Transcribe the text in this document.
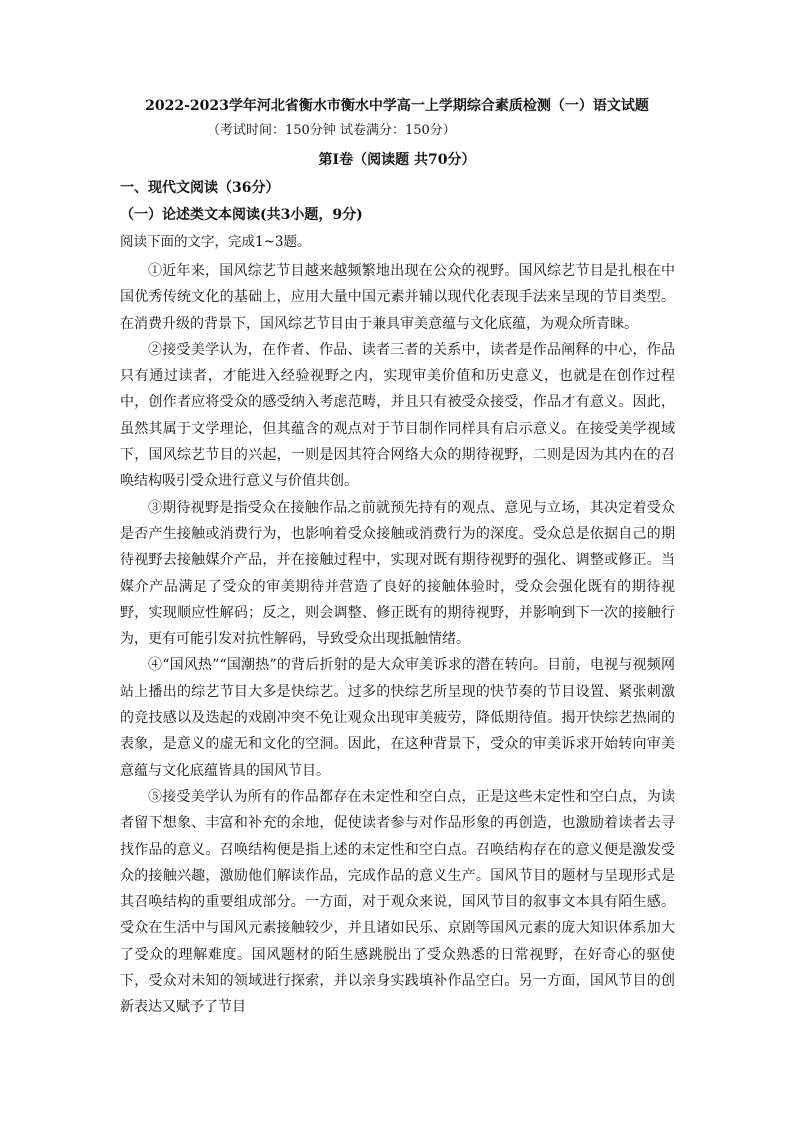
2022-2023学年河北省衡水市衡水中学高一上学期综合素质检测（一）语文试题
（考试时间：150分钟 试卷满分：150分）
第Ⅰ卷（阅读题 共70分）
一、现代文阅读（36分）
（一）论述类文本阅读(共3小题，9分)
阅读下面的文字，完成1~3题。

①近年来，国风综艺节目越来越频繁地出现在公众的视野。国风综艺节目是扎根在中国优秀传统文化的基础上，应用大量中国元素并辅以现代化表现手法来呈现的节目类型。在消费升级的背景下，国风综艺节目由于兼具审美意蕴与文化底蕴，为观众所青睐。

②接受美学认为，在作者、作品、读者三者的关系中，读者是作品阐释的中心，作品只有通过读者，才能进入经验视野之内，实现审美价值和历史意义，也就是在创作过程中，创作者应将受众的感受纳入考虑范畴，并且只有被受众接受，作品才有意义。因此，虽然其属于文学理论，但其蕴含的观点对于节目制作同样具有启示意义。在接受美学视域下，国风综艺节目的兴起，一则是因其符合网络大众的期待视野，二则是因为其内在的召唤结构吸引受众进行意义与价值共创。

③期待视野是指受众在接触作品之前就预先持有的观点、意见与立场，其决定着受众是否产生接触或消费行为，也影响着受众接触或消费行为的深度。受众总是依据自己的期待视野去接触媒介产品，并在接触过程中，实现对既有期待视野的强化、调整或修正。当媒介产品满足了受众的审美期待并营造了良好的接触体验时，受众会强化既有的期待视野，实现顺应性解码；反之，则会调整、修正既有的期待视野，并影响到下一次的接触行为，更有可能引发对抗性解码，导致受众出现抵触情绪。

④“国风热”“国潮热”的背后折射的是大众审美诉求的潜在转向。目前，电视与视频网站上播出的综艺节目大多是快综艺。过多的快综艺所呈现的快节奏的节目设置、紧张刺激的竞技感以及迭起的戏剧冲突不免让观众出现审美疲劳，降低期待值。揭开快综艺热闹的表象，是意义的虚无和文化的空洞。因此，在这种背景下，受众的审美诉求开始转向审美意蕴与文化底蕴皆具的国风节目。

⑤接受美学认为所有的作品都存在未定性和空白点，正是这些未定性和空白点，为读者留下想象、丰富和补充的余地，促使读者参与对作品形象的再创造，也激励着读者去寻找作品的意义。召唤结构便是指上述的未定性和空白点。召唤结构存在的意义便是激发受众的接触兴趣，激励他们解读作品，完成作品的意义生产。国风节目的题材与呈现形式是其召唤结构的重要组成部分。一方面，对于观众来说，国风节目的叙事文本具有陌生感。受众在生活中与国风元素接触较少，并且诸如民乐、京剧等国风元素的庞大知识体系加大了受众的理解难度。国风题材的陌生感跳脱出了受众熟悉的日常视野，在好奇心的驱使下，受众对未知的领域进行探索，并以亲身实践填补作品空白。另一方面，国风节目的创新表达又赋予了节目
